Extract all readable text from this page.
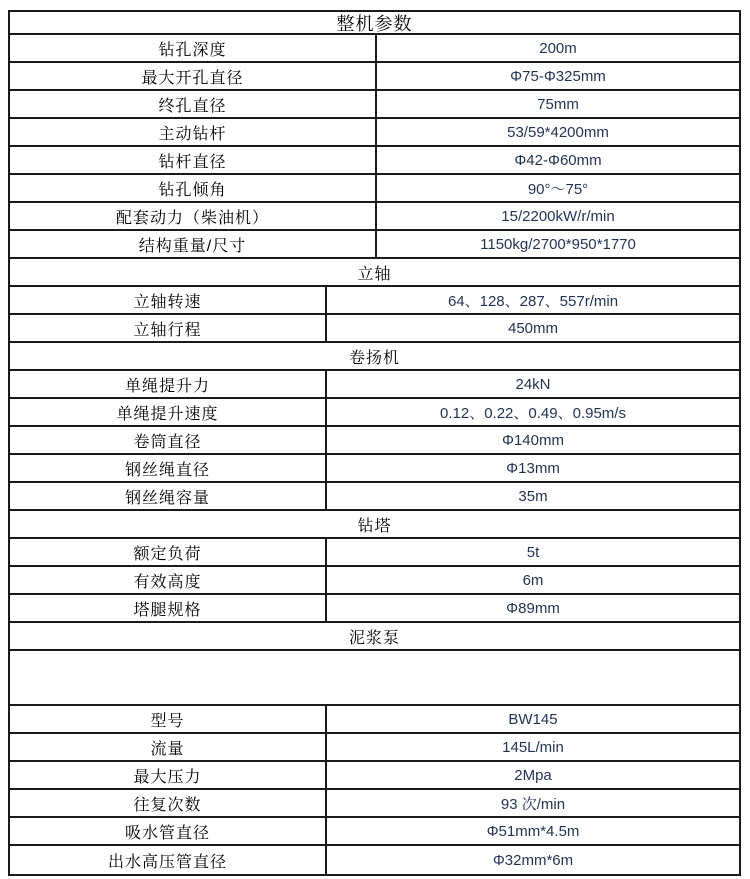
整机参数
钻孔深度	200m
最大开孔直径	Φ75-Φ325mm
终孔直径	75mm
主动钻杆	53/59*4200mm
钻杆直径	Φ42-Φ60mm
钻孔倾角	90°～75°
配套动力（柴油机）	15/2200kW/r/min
结构重量/尺寸	1150kg/2700*950*1770
立轴
立轴转速	64、128、287、557r/min
立轴行程	450mm
卷扬机
单绳提升力	24kN
单绳提升速度	0.12、0.22、0.49、0.95m/s
卷筒直径	Φ140mm
钢丝绳直径	Φ13mm
钢丝绳容量	35m
钻塔
额定负荷	5t
有效高度	6m
塔腿规格	Φ89mm
泥浆泵
型号	BW145
流量	145L/min
最大压力	2Mpa
往复次数	93 次/min
吸水管直径	Φ51mm*4.5m
出水高压管直径	Φ32mm*6m
